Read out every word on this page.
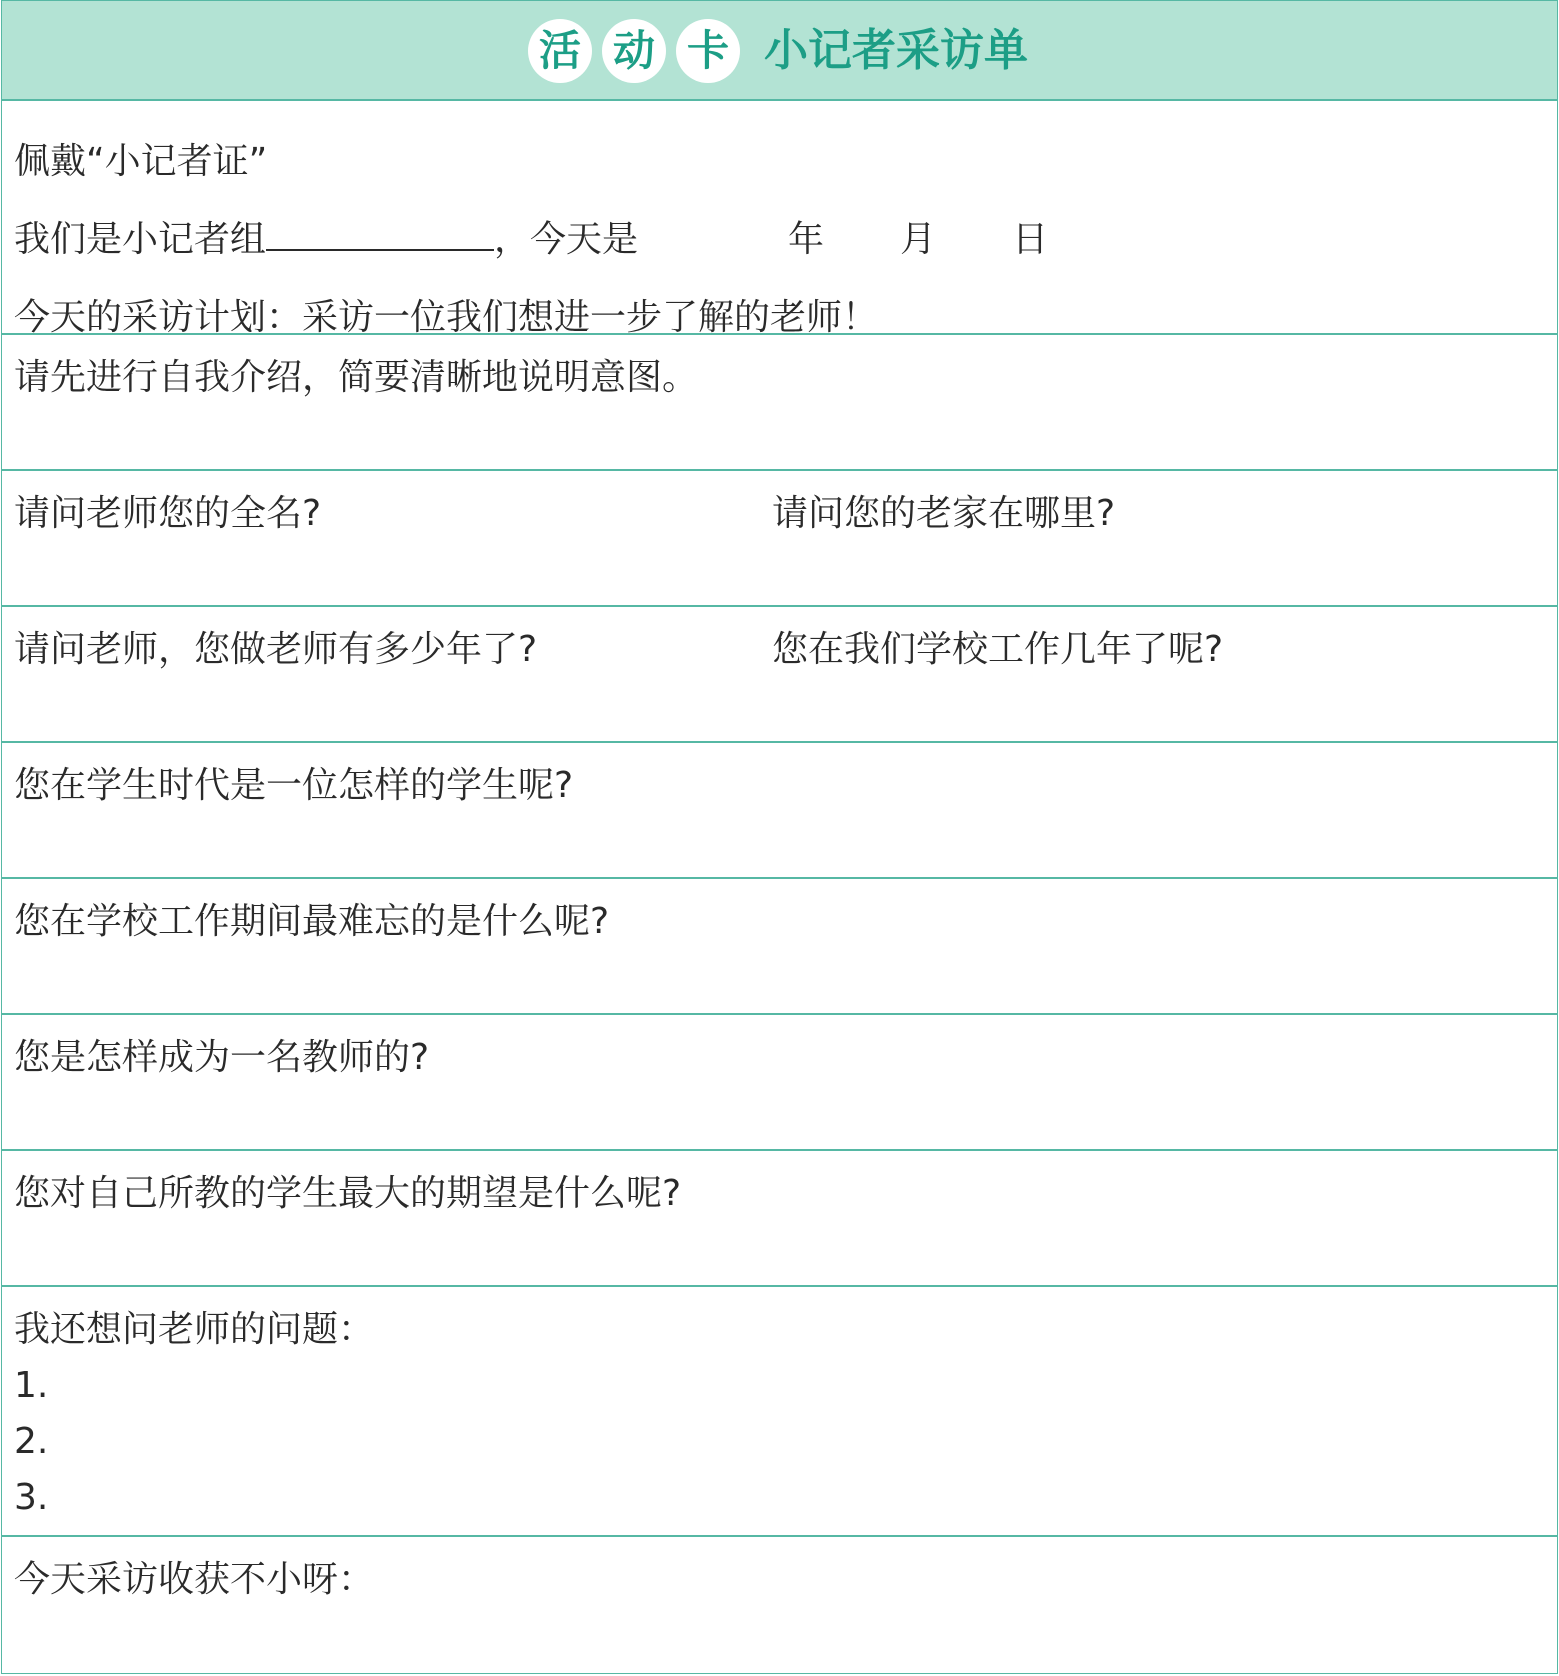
活 动 卡 小记者采访单
佩戴“小记者证”
今天的采访计划：采访一位我们想进一步了解的老师！
我们是小记者组	，今天是	年 月 日
请先进行自我介绍，简要清晰地说明意图。
请问老师您的全名?	请问您的老家在哪里?
请问老师，您做老师有多少年了?	您在我们学校工作几年了呢?
您在学生时代是一位怎样的学生呢?
您在学校工作期间最难忘的是什么呢?
您是怎样成为一名教师的?
您对自己所教的学生最大的期望是什么呢?
我还想问老师的问题：
1.
2.
3.
今天采访收获不小呀：
